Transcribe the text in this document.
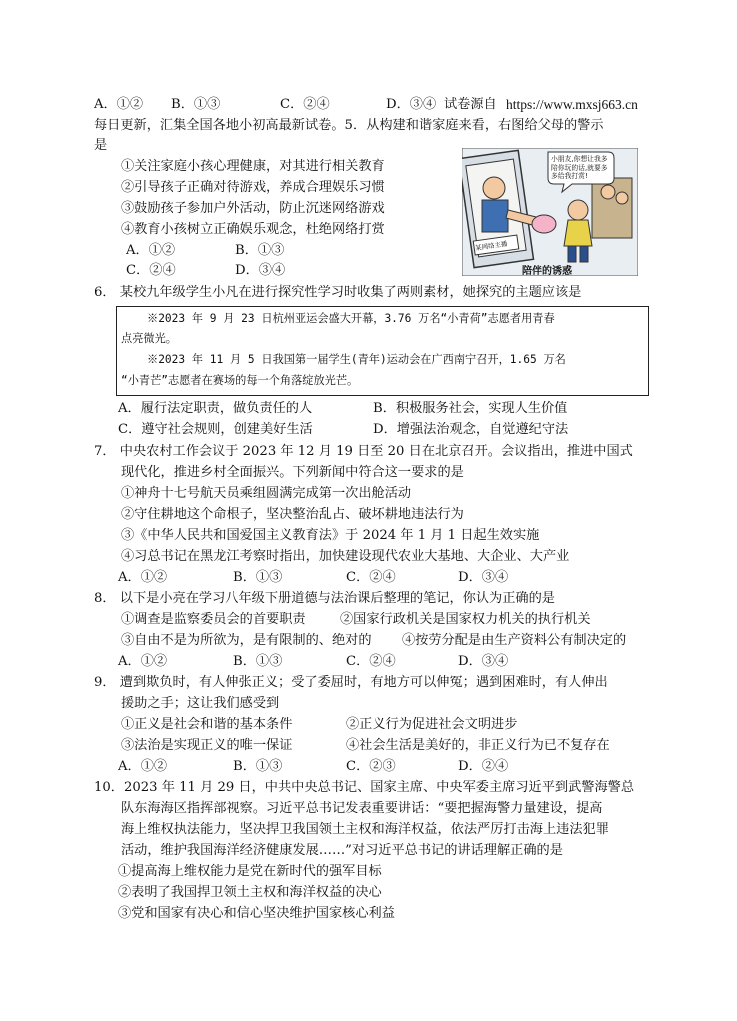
A．①② B．①③	C．②④	D．③④ 试卷源自 https://www.mxsj663.cn
每日更新，汇集全国各地小初高最新试卷。5．从构建和谐家庭来看，右图给父母的警示
是
①关注家庭小孩心理健康，对其进行相关教育
②引导孩子正确对待游戏，养成合理娱乐习惯
③鼓励孩子参加户外活动，防止沉迷网络游戏
④教育小孩树立正确娱乐观念，杜绝网络打赏
A．①②	B．①③
C．②④	D．③④
小朋友,你想让我多陪你玩的话,就要多多给我打赏!
某网络主播
陪伴的诱惑
6． 某校九年级学生小凡在进行探究性学习时收集了两则素材，她探究的主题应该是
※2023 年 9 月 23 日杭州亚运会盛大开幕，3.76 万名“小青荷”志愿者用青春
点亮微光。
※2023 年 11 月 5 日我国第一届学生(青年)运动会在广西南宁召开，1.65 万名
“小青芒”志愿者在赛场的每一个角落绽放光芒。
A．履行法定职责，做负责任的人	B．积极服务社会，实现人生价值
C．遵守社会规则，创建美好生活	D．增强法治观念，自觉遵纪守法
7． 中央农村工作会议于 2023 年 12 月 19 日至 20 日在北京召开。会议指出，推进中国式
现代化，推进乡村全面振兴。下列新闻中符合这一要求的是
①神舟十七号航天员乘组圆满完成第一次出舱活动
②守住耕地这个命根子，坚决整治乱占、破坏耕地违法行为
③《中华人民共和国爱国主义教育法》于 2024 年 1 月 1 日起生效实施
④习总书记在黑龙江考察时指出，加快建设现代农业大基地、大企业、大产业
A．①②	B．①③	C．②④	D．③④
8． 以下是小亮在学习八年级下册道德与法治课后整理的笔记，你认为正确的是
①调查是监察委员会的首要职责	②国家行政机关是国家权力机关的执行机关
③自由不是为所欲为，是有限制的、绝对的 ④按劳分配是由生产资料公有制决定的
A．①②	B．①③	C．②④	D．③④
9． 遭到欺负时，有人伸张正义；受了委屈时，有地方可以伸冤；遇到困难时，有人伸出
援助之手；这让我们感受到
①正义是社会和谐的基本条件	②正义行为促进社会文明进步
③法治是实现正义的唯一保证	④社会生活是美好的，非正义行为已不复存在
A．①②	B．①③	C．②③	D．②④
10．2023 年 11 月 29 日，中共中央总书记、国家主席、中央军委主席习近平到武警海警总
队东海海区指挥部视察。习近平总书记发表重要讲话：“要把握海警力量建设，提高
海上维权执法能力，坚决捍卫我国领土主权和海洋权益，依法严厉打击海上违法犯罪
活动，维护我国海洋经济健康发展……”对习近平总书记的讲话理解正确的是
①提高海上维权能力是党在新时代的强军目标
②表明了我国捍卫领土主权和海洋权益的决心
③党和国家有决心和信心坚决维护国家核心利益
